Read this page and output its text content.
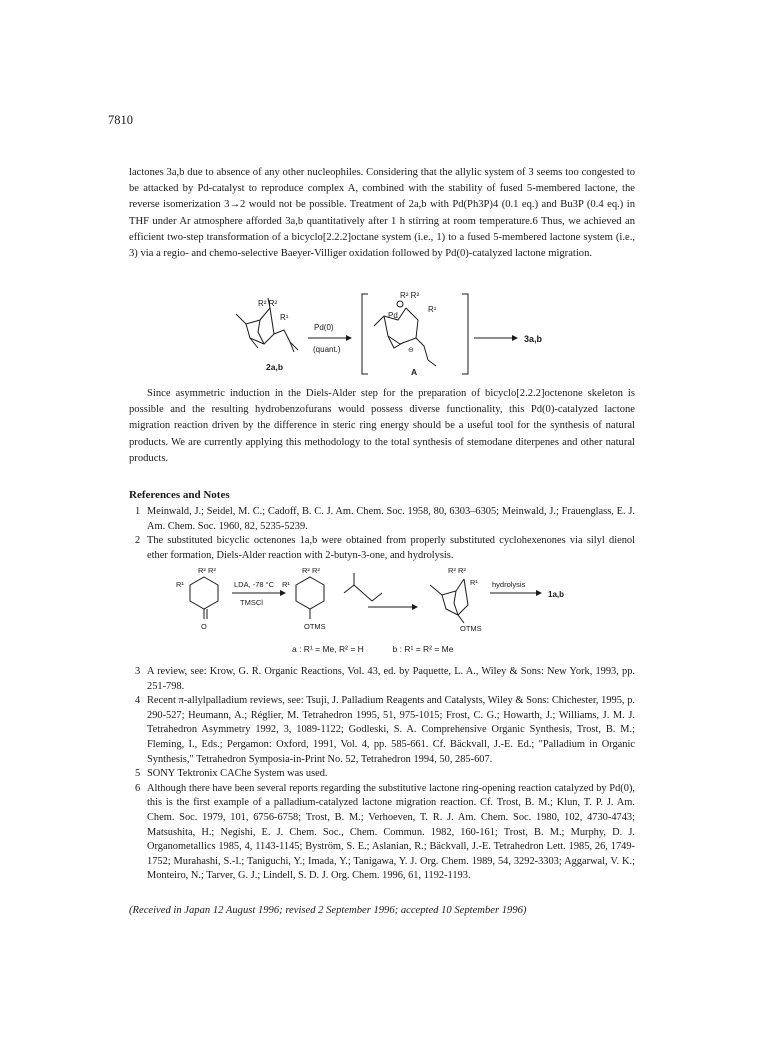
7810

lactones 3a,b due to absence of any other nucleophiles. Considering that the allylic system of 3 seems too congested to be attacked by Pd-catalyst to reproduce complex A, combined with the stability of fused 5-membered lactone, the reverse isomerization 3→2 would not be possible. Treatment of 2a,b with Pd(Ph3P)4 (0.1 eq.) and Bu3P (0.4 eq.) in THF under Ar atmosphere afforded 3a,b quantitatively after 1 h stirring at room temperature.6 Thus, we achieved an efficient two-step transformation of a bicyclo[2.2.2]octane system (i.e., 1) to a fused 5-membered lactone system (i.e., 3) via a regio- and chemo-selective Baeyer-Villiger oxidation followed by Pd(0)-catalyzed lactone migration.

R² R²
R¹
2a,b
Pd(0)
(quant.)
R² R²
R¹
Pd
⊖
A
3a,b

Since asymmetric induction in the Diels-Alder step for the preparation of bicyclo[2.2.2]octenone skeleton is possible and the resulting hydrobenzofurans would possess diverse functionality, this Pd(0)-catalyzed lactone migration reaction driven by the difference in steric ring energy should be a useful tool for the synthesis of natural products. We are currently applying this methodology to the total synthesis of stemodane diterpenes and other natural products.

References and Notes
1 Meinwald, J.; Seidel, M. C.; Cadoff, B. C. J. Am. Chem. Soc. 1958, 80, 6303–6305; Meinwald, J.; Frauenglass, E. J. Am. Chem. Soc. 1960, 82, 5235-5239.
2 The substituted bicyclic octenones 1a,b were obtained from properly substituted cyclohexenones via silyl dienol ether formation, Diels-Alder reaction with 2-butyn-3-one, and hydrolysis.
R² R²
R¹
O
LDA, -78 °C
TMSCl
R² R²
R¹
OTMS
R² R²
R¹
OTMS
hydrolysis
1a,b
a : R¹ = Me, R² = H	b : R¹ = R² = Me
3 A review, see: Krow, G. R. Organic Reactions, Vol. 43, ed. by Paquette, L. A., Wiley & Sons: New York, 1993, pp. 251-798.
4 Recent π-allylpalladium reviews, see: Tsuji, J. Palladium Reagents and Catalysts, Wiley & Sons: Chichester, 1995, p. 290-527; Heumann, A.; Réglier, M. Tetrahedron 1995, 51, 975-1015; Frost, C. G.; Howarth, J.; Williams, J. M. J. Tetrahedron Asymmetry 1992, 3, 1089-1122; Godleski, S. A. Comprehensive Organic Synthesis, Trost, B. M.; Fleming, I., Eds.; Pergamon: Oxford, 1991, Vol. 4, pp. 585-661. Cf. Bäckvall, J.-E. Ed.; "Palladium in Organic Synthesis," Tetrahedron Symposia-in-Print No. 52, Tetrahedron 1994, 50, 285-607.
5 SONY Tektronix CAChe System was used.
6 Although there have been several reports regarding the substitutive lactone ring-opening reaction catalyzed by Pd(0), this is the first example of a palladium-catalyzed lactone migration reaction. Cf. Trost, B. M.; Klun, T. P. J. Am. Chem. Soc. 1979, 101, 6756-6758; Trost, B. M.; Verhoeven, T. R. J. Am. Chem. Soc. 1980, 102, 4730-4743; Matsushita, H.; Negishi, E. J. Chem. Soc., Chem. Commun. 1982, 160-161; Trost, B. M.; Murphy, D. J. Organometallics 1985, 4, 1143-1145; Byström, S. E.; Aslanian, R.; Bäckvall, J.-E. Tetrahedron Lett. 1985, 26, 1749-1752; Murahashi, S.-I.; Taniguchi, Y.; Imada, Y.; Tanigawa, Y. J. Org. Chem. 1989, 54, 3292-3303; Aggarwal, V. K.; Monteiro, N.; Tarver, G. J.; Lindell, S. D. J. Org. Chem. 1996, 61, 1192-1193.
(Received in Japan 12 August 1996; revised 2 September 1996; accepted 10 September 1996)
